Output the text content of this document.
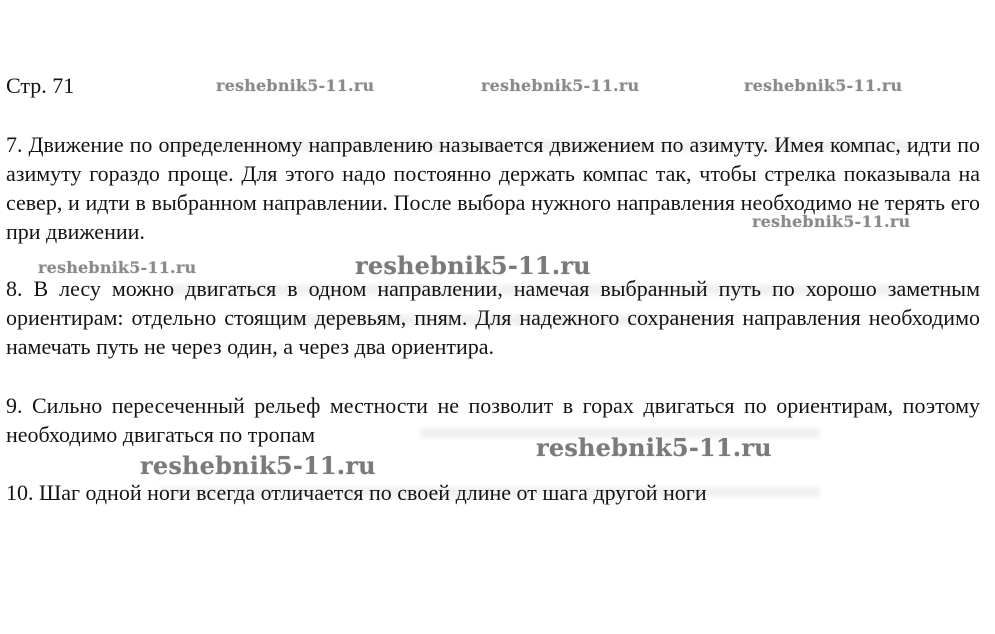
Стр. 71

7. Движение по определенному направлению называется движением по азимуту. Имея компас, идти по азимуту гораздо проще. Для этого надо постоянно держать компас так, чтобы стрелка показывала на север, и идти в выбранном направлении. После выбора нужного направления необходимо не терять его при движении.

8. В лесу можно двигаться в одном направлении, намечая выбранный путь по хорошо заметным ориентирам: отдельно стоящим деревьям, пням. Для надежного сохранения направления необходимо намечать путь не через один, а через два ориентира.

9. Сильно пересеченный рельеф местности не позволит в горах двигаться по ориентирам, поэтому необходимо двигаться по тропам

10. Шаг одной ноги всегда отличается по своей длине от шага другой ноги

reshebnik5-11.ru	reshebnik5-11.ru	reshebnik5-11.ru
reshebnik5-11.ru
reshebnik5-11.ru	reshebnik5-11.ru
reshebnik5-11.ru
reshebnik5-11.ru
